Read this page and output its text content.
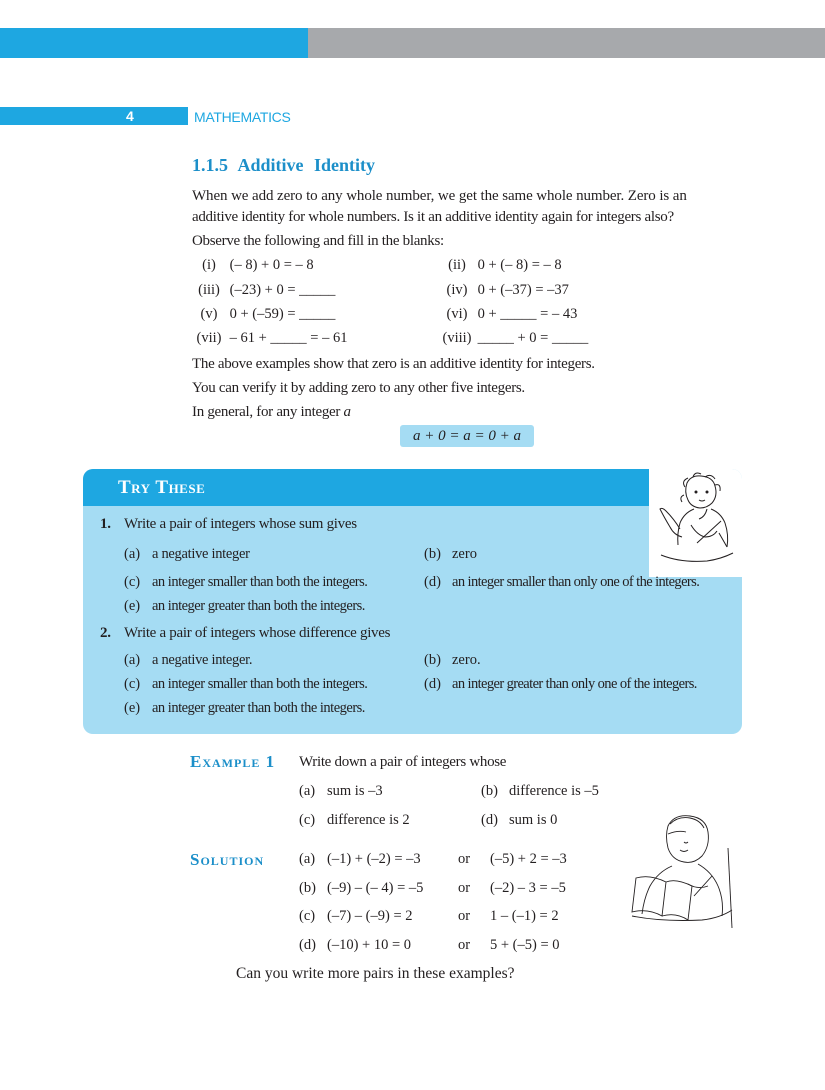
4	MATHEMATICS
1.1.5 Additive Identity
When we add zero to any whole number, we get the same whole number. Zero is an
additive identity for whole numbers. Is it an additive identity again for integers also?
Observe the following and fill in the blanks:
(i) (– 8) + 0 = – 8	(ii) 0 + (– 8) = – 8
(iii) (–23) + 0 = _____	(iv) 0 + (–37) = –37
(v) 0 + (–59) = _____	(vi) 0 + _____ = – 43
(vii) – 61 + _____ = – 61	(viii) _____ + 0 = _____
The above examples show that zero is an additive identity for integers.
You can verify it by adding zero to any other five integers.
In general, for any integer a
a + 0 = a = 0 + a
Try These
1. Write a pair of integers whose sum gives
(a) a negative integer	(b) zero
(c) an integer smaller than both the integers.	(d) an integer smaller than only one of the integers.
(e) an integer greater than both the integers.
2. Write a pair of integers whose difference gives
(a) a negative integer.	(b) zero.
(c) an integer smaller than both the integers.	(d) an integer greater than only one of the integers.
(e) an integer greater than both the integers.
Example 1 Write down a pair of integers whose
(a) sum is –3	(b) difference is –5
(c) difference is 2	(d) sum is 0
Solution (a) (–1) + (–2) = –3	or (–5) + 2 = –3
(b) (–9) – (– 4) = –5 or (–2) – 3 = –5
(c) (–7) – (–9) = 2	or 1 – (–1) = 2
(d) (–10) + 10 = 0	or 5 + (–5) = 0
Can you write more pairs in these examples?
